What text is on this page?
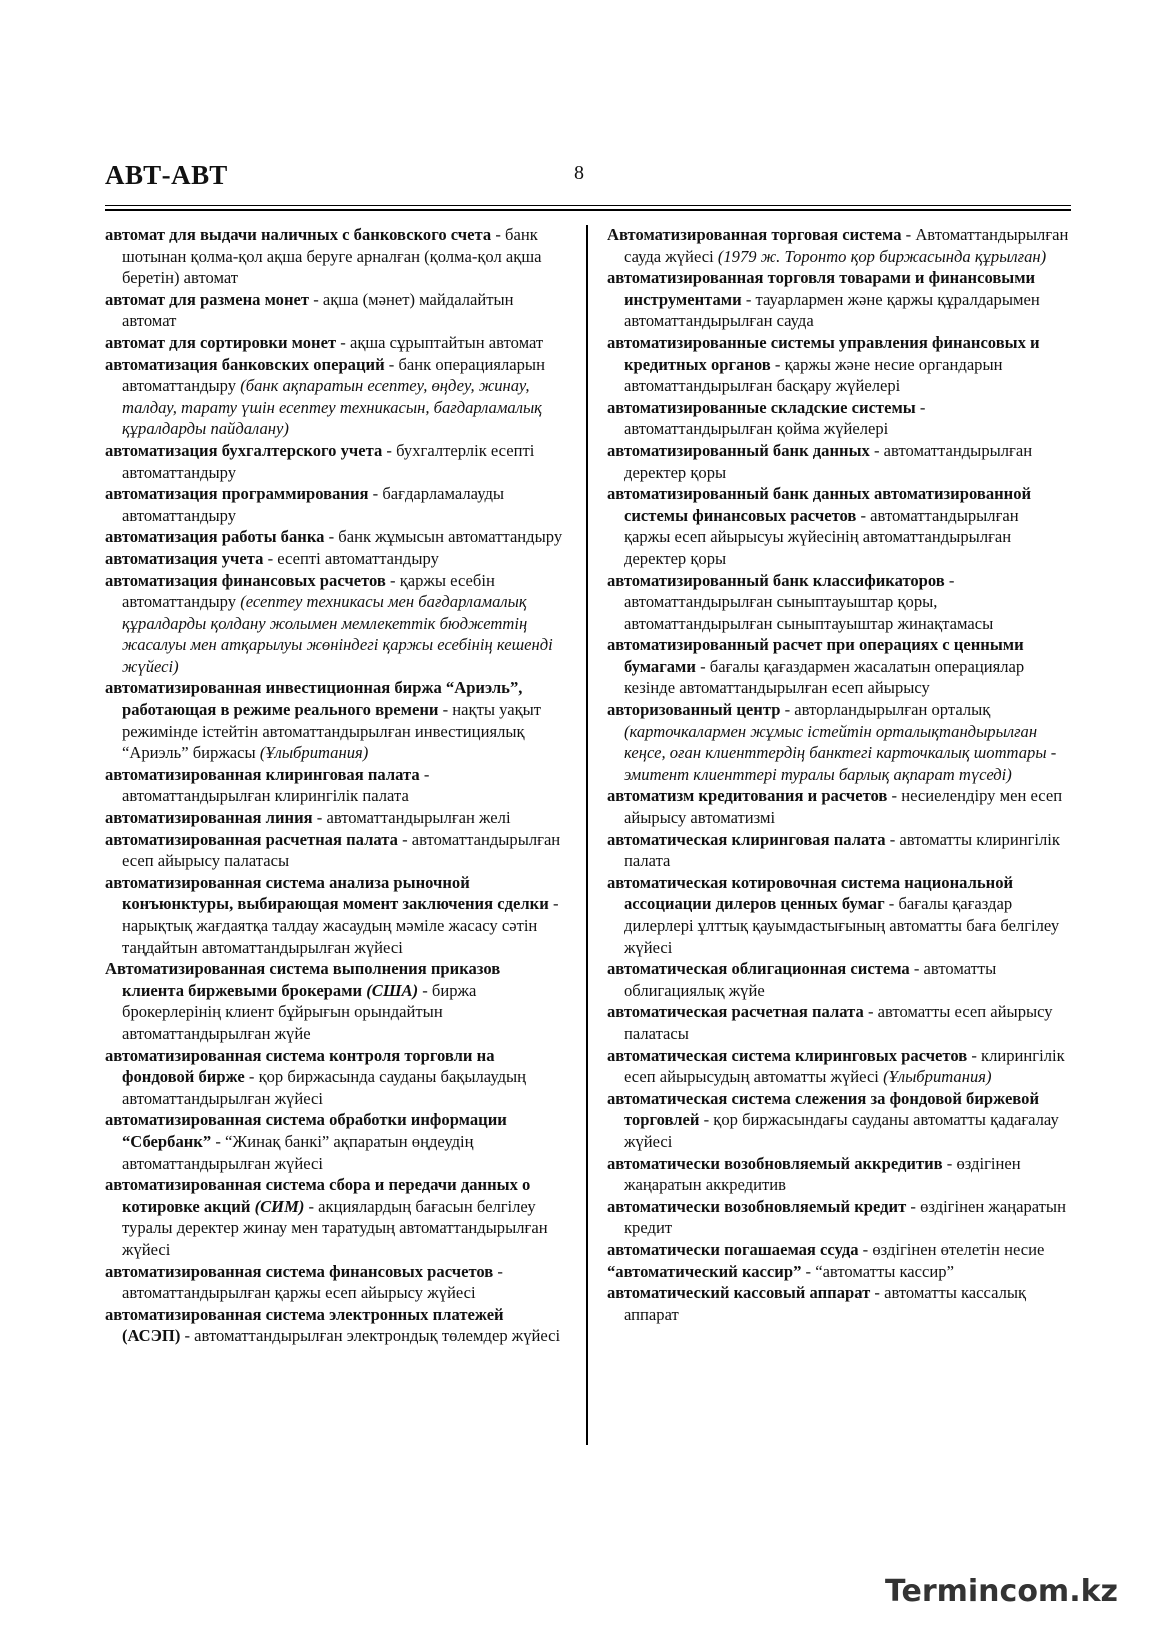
АВТ-АВТ	8
автомат для выдачи наличных с банковского счета - банк шотынан қолма-қол ақша беруге арналған (қолма-қол ақша беретін) автомат
автомат для размена монет - ақша (мәнет) майдалайтын автомат
автомат для сортировки монет - ақша сұрыптайтын автомат
автоматизация банковских операций - банк операцияларын автоматтандыру (банк ақпаратын есептеу, өңдеу, жинау, талдау, тарату үшін есептеу техникасын, бағдарламалық құралдарды пайдалану)
автоматизация бухгалтерского учета - бухгалтерлік есепті автоматтандыру
автоматизация программирования - бағдарламалауды автоматтандыру
автоматизация работы банка - банк жұмысын автоматтандыру
автоматизация учета - есепті автоматтандыру
автоматизация финансовых расчетов - қаржы есебін автоматтандыру (есептеу техникасы мен бағдарламалық құралдарды қолдану жолымен мемлекеттік бюджеттің жасалуы мен атқарылуы жөніндегі қаржы есебінің кешенді жүйесі)
автоматизированная инвестиционная биржа “Ариэль”, работающая в режиме реального времени - нақты уақыт режимінде істейтін автоматтандырылған инвестициялық “Ариэль” биржасы (Ұлыбритания)
автоматизированная клиринговая палата - автоматтандырылған клирингілік палата
автоматизированная линия - автоматтандырылған желі
автоматизированная расчетная палата - автоматтандырылған есеп айырысу палатасы
автоматизированная система анализа рыночной конъюнктуры, выбирающая момент заключения сделки - нарықтық жағдаятқа талдау жасаудың мәміле жасасу сәтін таңдайтын автоматтандырылған жүйесі
Автоматизированная система выполнения приказов клиента биржевыми брокерами (США) - биржа брокерлерінің клиент бұйрығын орындайтын автоматтандырылған жүйе
автоматизированная система контроля торговли на фондовой бирже - қор биржасында сауданы бақылаудың автоматтандырылған жүйесі
автоматизированная система обработки информации “Сбербанк” - “Жинақ банкі” ақпаратын өңдеудің автоматтандырылған жүйесі
автоматизированная система сбора и передачи данных о котировке акций (СИМ) - акциялардың бағасын белгілеу туралы деректер жинау мен таратудың автоматтандырылған жүйесі
автоматизированная система финансовых расчетов - автоматтандырылған қаржы есеп айырысу жүйесі
автоматизированная система электронных платежей (АСЭП) - автоматтандырылған электрондық төлемдер жүйесі
Автоматизированная торговая система - Автоматтандырылған сауда жүйесі (1979 ж. Торонто қор биржасында құрылған)
автоматизированная торговля товарами и финансовыми инструментами - тауарлармен және қаржы құралдарымен автоматтандырылған сауда
автоматизированные системы управления финансовых и кредитных органов - қаржы және несие органдарын автоматтандырылған басқару жүйелері
автоматизированные складские системы - автоматтандырылған қойма жүйелері
автоматизированный банк данных - автоматтандырылған деректер қоры
автоматизированный банк данных автоматизированной системы финансовых расчетов - автоматтандырылған қаржы есеп айырысуы жүйесінің автоматтандырылған деректер қоры
автоматизированный банк классификаторов - автоматтандырылған сыныптауыштар қоры, автоматтандырылған сыныптауыштар жинақтамасы
автоматизированный расчет при операциях с ценными бумагами - бағалы қағаздармен жасалатын операциялар кезінде автоматтандырылған есеп айырысу
авторизованный центр - авторландырылған орталық (карточкалармен жұмыс істейтін орталықтандырылған кеңсе, оған клиенттердің банктегі карточкалық шоттары - эмитент клиенттері туралы барлық ақпарат түседі)
автоматизм кредитования и расчетов - несиелендіру мен есеп айырысу автоматизмі
автоматическая клиринговая палата - автоматты клирингілік палата
автоматическая котировочная система национальной ассоциации дилеров ценных бумаг - бағалы қағаздар дилерлері ұлттық қауымдастығының автоматты баға белгілеу жүйесі
автоматическая облигационная система - автоматты облигациялық жүйе
автоматическая расчетная палата - автоматты есеп айырысу палатасы
автоматическая система клиринговых расчетов - клирингілік есеп айырысудың автоматты жүйесі (Ұлыбритания)
автоматическая система слежения за фондовой биржевой торговлей - қор биржасындағы сауданы автоматты қадағалау жүйесі
автоматически возобновляемый аккредитив - өздігінен жаңаратын аккредитив
автоматически возобновляемый кредит - өздігінен жаңаратын кредит
автоматически погашаемая ссуда - өздігінен өтелетін несие
“автоматический кассир” - “автоматты кассир”
автоматический кассовый аппарат - автоматты кассалық аппарат
Termincom.kz
